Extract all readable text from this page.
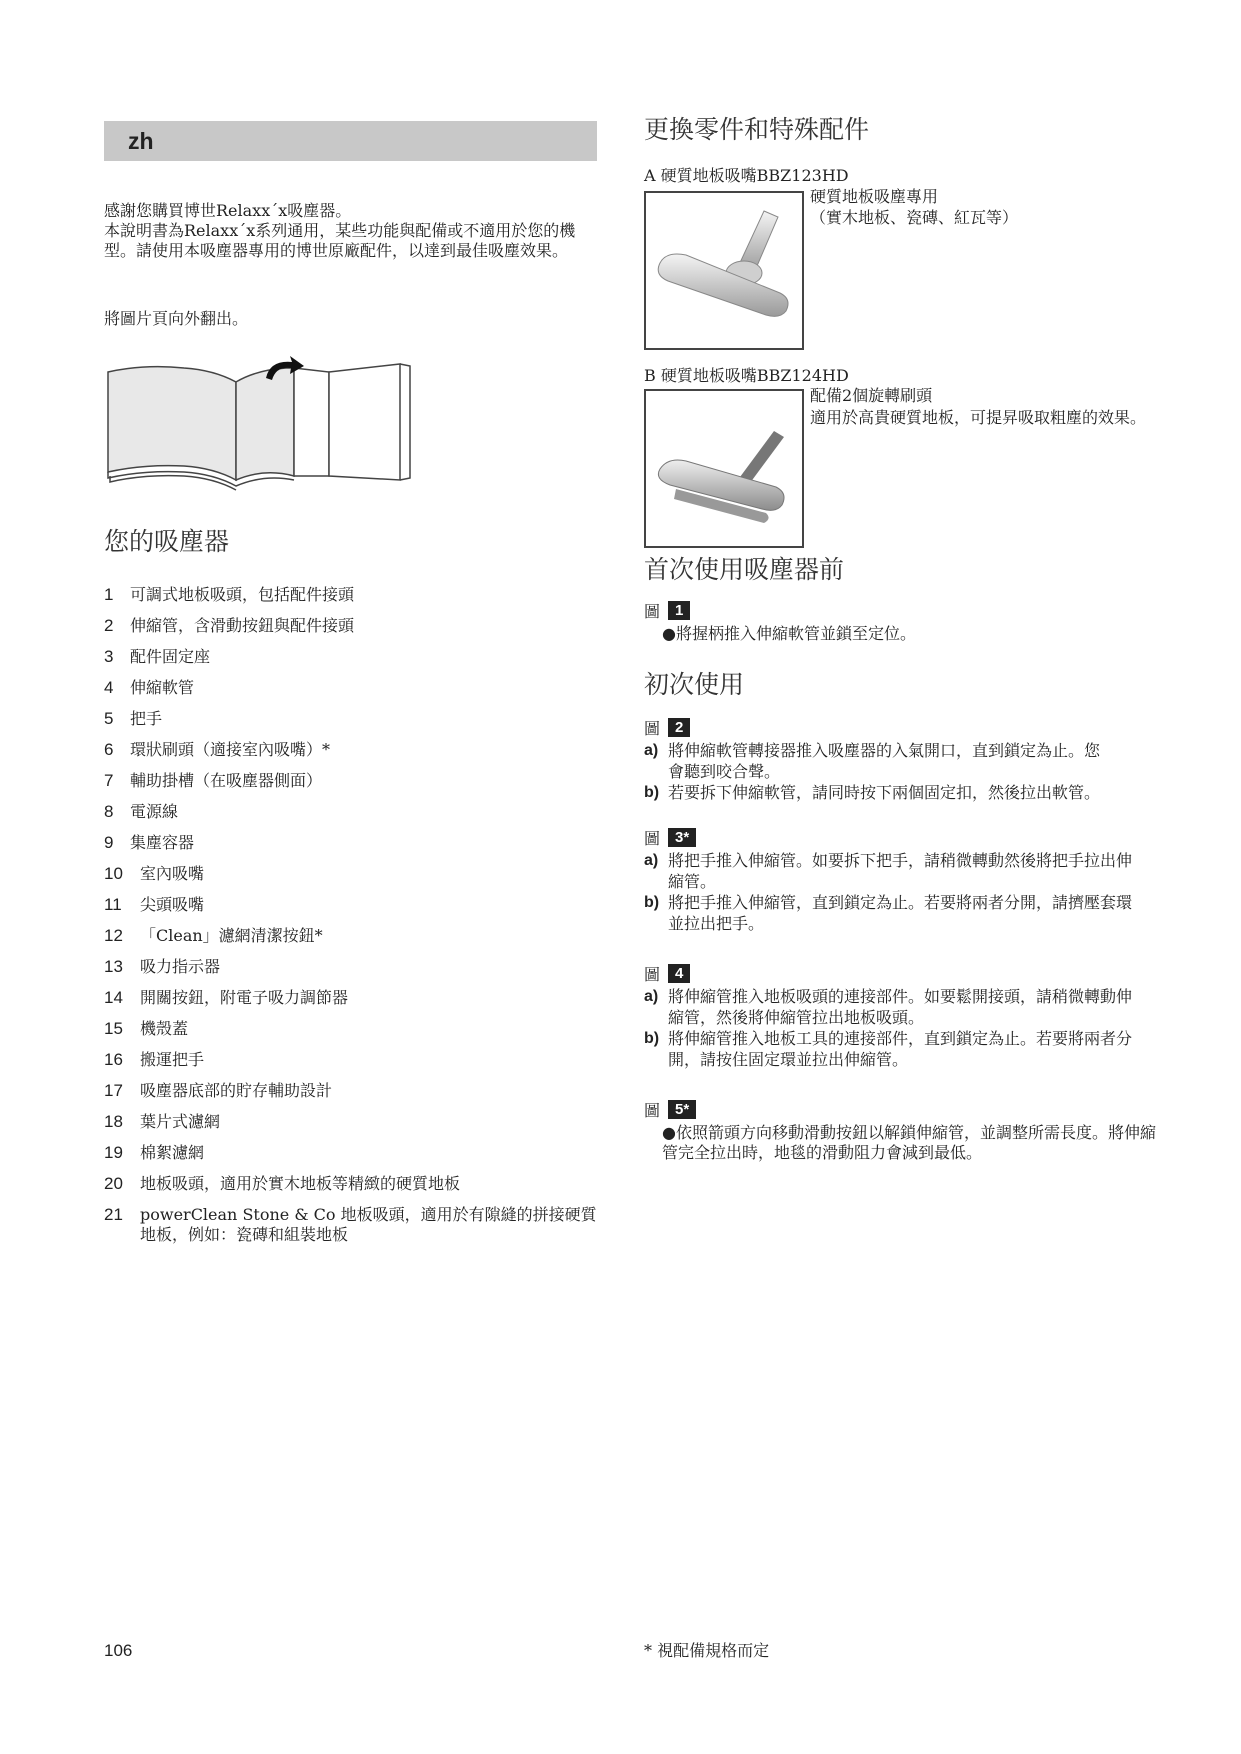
zh
感謝您購買博世Relaxx´x吸塵器。
本說明書為Relaxx´x系列通用，某些功能與配備或不適用於您的機型。請使用本吸塵器專用的博世原廠配件，以達到最佳吸塵效果。
將圖片頁向外翻出。
您的吸塵器
1	可調式地板吸頭，包括配件接頭
2	伸縮管，含滑動按鈕與配件接頭
3	配件固定座
4	伸縮軟管
5	把手
6	環狀刷頭（適接室內吸嘴）*
7	輔助掛槽（在吸塵器側面）
8	電源線
9	集塵容器
10	室內吸嘴
11	尖頭吸嘴
12	「Clean」濾網清潔按鈕*
13	吸力指示器
14	開關按鈕，附電子吸力調節器
15	機殼蓋
16	搬運把手
17	吸塵器底部的貯存輔助設計
18	葉片式濾網
19	棉絮濾網
20	地板吸頭，適用於實木地板等精緻的硬質地板
21	powerClean Stone & Co 地板吸頭，適用於有隙縫的拼接硬質地板，例如：瓷磚和組裝地板
更換零件和特殊配件
A 硬質地板吸嘴BBZ123HD
硬質地板吸塵專用
（實木地板、瓷磚、紅瓦等）
B 硬質地板吸嘴BBZ124HD
配備2個旋轉刷頭
適用於高貴硬質地板，可提昇吸取粗塵的效果。
首次使用吸塵器前
圖	1
●將握柄推入伸縮軟管並鎖至定位。
初次使用
圖	2
a) 將伸縮軟管轉接器推入吸塵器的入氣開口，直到鎖定為止。您會聽到咬合聲。
b) 若要拆下伸縮軟管，請同時按下兩個固定扣，然後拉出軟管。
圖	3*
a) 將把手推入伸縮管。如要拆下把手，請稍微轉動然後將把手拉出伸縮管。
b) 將把手推入伸縮管，直到鎖定為止。若要將兩者分開，請擠壓套環並拉出把手。
圖	4
a) 將伸縮管推入地板吸頭的連接部件。如要鬆開接頭，請稍微轉動伸縮管，然後將伸縮管拉出地板吸頭。
b) 將伸縮管推入地板工具的連接部件，直到鎖定為止。若要將兩者分開，請按住固定環並拉出伸縮管。
圖	5*
●依照箭頭方向移動滑動按鈕以解鎖伸縮管，並調整所需長度。將伸縮管完全拉出時，地毯的滑動阻力會減到最低。
106	* 視配備規格而定
